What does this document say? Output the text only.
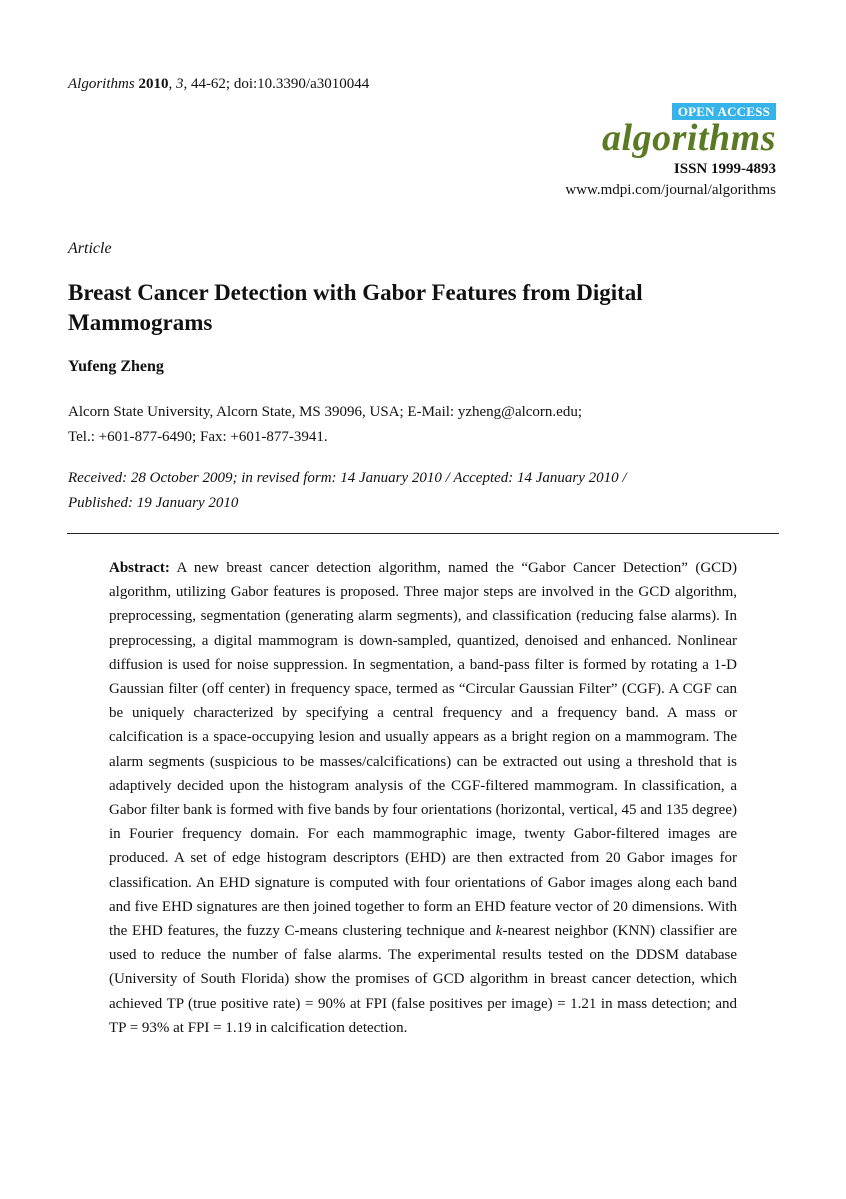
Algorithms 2010, 3, 44-62; doi:10.3390/a3010044
OPEN ACCESS
algorithms
ISSN 1999-4893
www.mdpi.com/journal/algorithms
Article
Breast Cancer Detection with Gabor Features from Digital
Mammograms
Yufeng Zheng
Alcorn State University, Alcorn State, MS 39096, USA; E-Mail: yzheng@alcorn.edu;
Tel.: +601-877-6490; Fax: +601-877-3941.
Received: 28 October 2009; in revised form: 14 January 2010 / Accepted: 14 January 2010 /
Published: 19 January 2010

Abstract: A new breast cancer detection algorithm, named the “Gabor Cancer Detection” (GCD) algorithm, utilizing Gabor features is proposed. Three major steps are involved in the GCD algorithm, preprocessing, segmentation (generating alarm segments), and classification (reducing false alarms). In preprocessing, a digital mammogram is down-sampled, quantized, denoised and enhanced. Nonlinear diffusion is used for noise suppression. In segmentation, a band-pass filter is formed by rotating a 1-D Gaussian filter (off center) in frequency space, termed as “Circular Gaussian Filter” (CGF). A CGF can be uniquely characterized by specifying a central frequency and a frequency band. A mass or calcification is a space-occupying lesion and usually appears as a bright region on a mammogram. The alarm segments (suspicious to be masses/calcifications) can be extracted out using a threshold that is adaptively decided upon the histogram analysis of the CGF-filtered mammogram. In classification, a Gabor filter bank is formed with five bands by four orientations (horizontal, vertical, 45 and 135 degree) in Fourier frequency domain. For each mammographic image, twenty Gabor-filtered images are produced. A set of edge histogram descriptors (EHD) are then extracted from 20 Gabor images for classification. An EHD signature is computed with four orientations of Gabor images along each band and five EHD signatures are then joined together to form an EHD feature vector of 20 dimensions. With the EHD features, the fuzzy C-means clustering technique and k-nearest neighbor (KNN) classifier are used to reduce the number of false alarms. The experimental results tested on the DDSM database (University of South Florida) show the promises of GCD algorithm in breast cancer detection, which achieved TP (true positive rate) = 90% at FPI (false positives per image) = 1.21 in mass detection; and TP = 93% at FPI = 1.19 in calcification detection.
